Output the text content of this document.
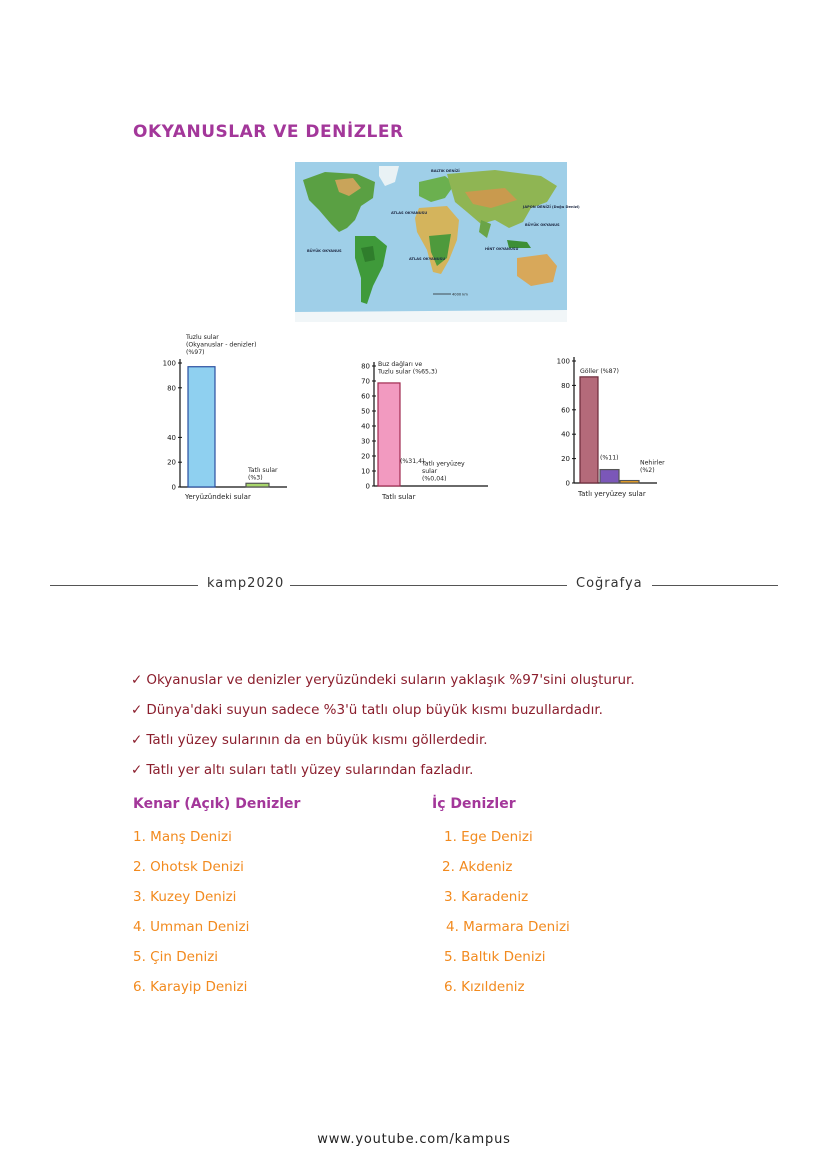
OKYANUSLAR VE DENİZLER
BALTIK DENİZİ
ATLAS OKYANUSU
JAPON DENİZİ (Doğu Denizi)
BÜYÜK OKYANUS
BÜYÜK OKYANUS
ATLAS OKYANUSU
HİNT OKYANUSU
4000 km
0
20
40
80
100
Tuzlu sular
(Okyanuslar - denizler)
(%97)
Tatlı sular
(%3)
Yeryüzündeki sular
0
10
20
30
40
50
60
70
80 Buz dağları ve
Tuzlu sular (%65,3)
(%31,4)
Tatlı yeryüzey
sular
(%0,04)
Tatlı sular
0
20
40
60
80
100
Göller (%87)
(%11)
Nehirler
(%2)
Tatlı yeryüzey sular
kamp2020	Coğrafya
✓ Okyanuslar ve denizler yeryüzündeki suların yaklaşık %97'sini oluşturur.
✓ Dünya'daki suyun sadece %3'ü tatlı olup büyük kısmı buzullardadır.
✓ Tatlı yüzey sularının da en büyük kısmı göllerdedir.
✓ Tatlı yer altı suları tatlı yüzey sularından fazladır.
Kenar (Açık) Denizler
1. Manş Denizi
2. Ohotsk Denizi
3. Kuzey Denizi
4. Umman Denizi
5. Çin Denizi
6. Karayip Denizi
İç Denizler
1. Ege Denizi
2. Akdeniz
3. Karadeniz
4. Marmara Denizi
5. Baltık Denizi
6. Kızıldeniz
www.youtube.com/kampus
